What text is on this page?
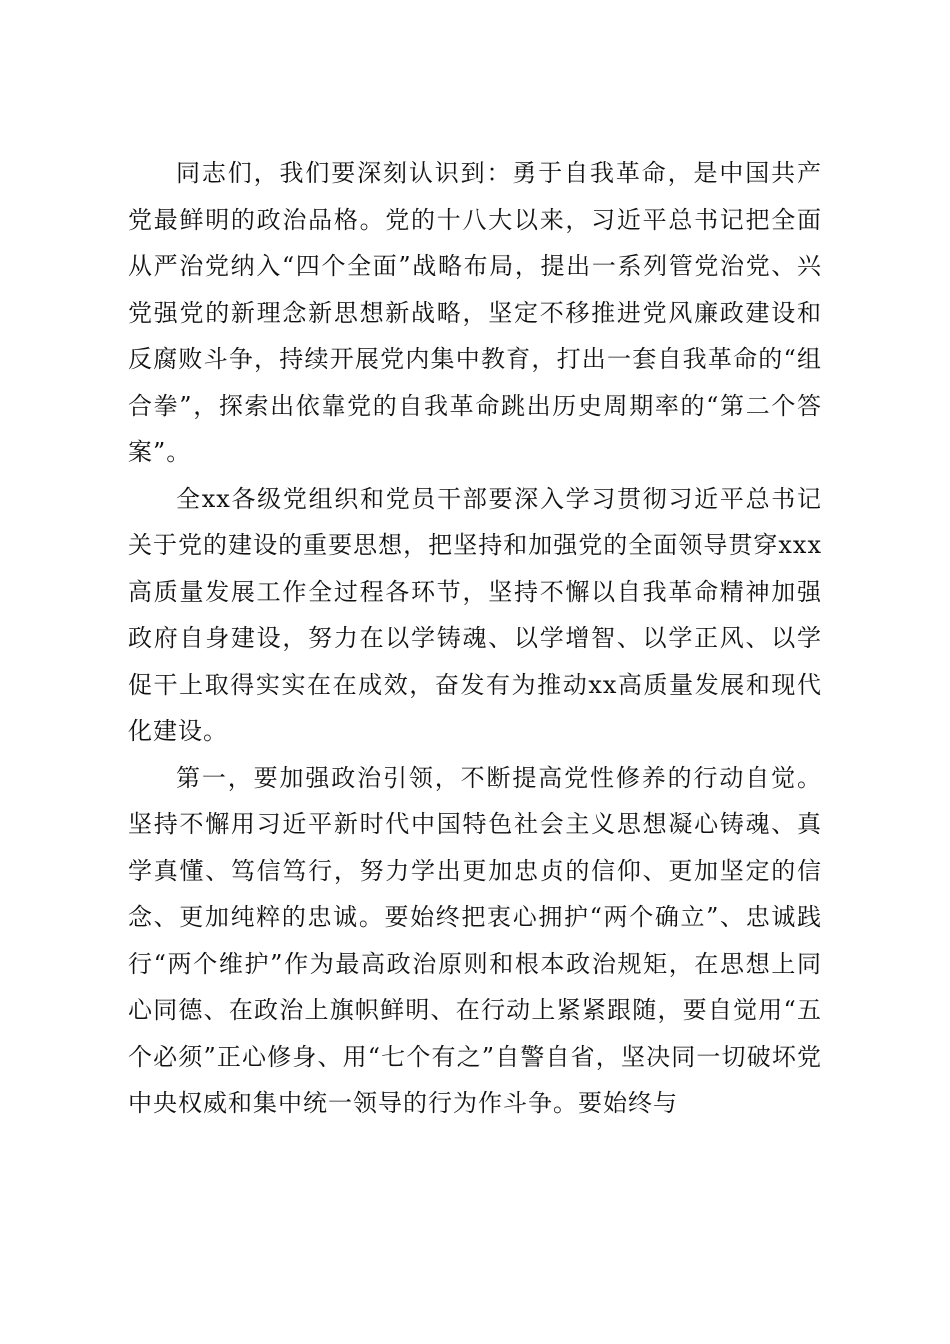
同志们，我们要深刻认识到：勇于自我革命，是中国共产党最鲜明的政治品格。党的十八大以来，习近平总书记把全面从严治党纳入“四个全面”战略布局，提出一系列管党治党、兴党强党的新理念新思想新战略，坚定不移推进党风廉政建设和反腐败斗争，持续开展党内集中教育，打出一套自我革命的“组合拳”，探索出依靠党的自我革命跳出历史周期率的“第二个答案”。

全xx各级党组织和党员干部要深入学习贯彻习近平总书记关于党的建设的重要思想，把坚持和加强党的全面领导贯穿xxx高质量发展工作全过程各环节，坚持不懈以自我革命精神加强政府自身建设，努力在以学铸魂、以学增智、以学正风、以学促干上取得实实在在成效，奋发有为推动xx高质量发展和现代化建设。

第一，要加强政治引领，不断提高党性修养的行动自觉。坚持不懈用习近平新时代中国特色社会主义思想凝心铸魂、真学真懂、笃信笃行，努力学出更加忠贞的信仰、更加坚定的信念、更加纯粹的忠诚。要始终把衷心拥护“两个确立”、忠诚践行“两个维护”作为最高政治原则和根本政治规矩，在思想上同心同德、在政治上旗帜鲜明、在行动上紧紧跟随，要自觉用“五个必须”正心修身、用“七个有之”自警自省，坚决同一切破坏党中央权威和集中统一领导的行为作斗争。要始终与
